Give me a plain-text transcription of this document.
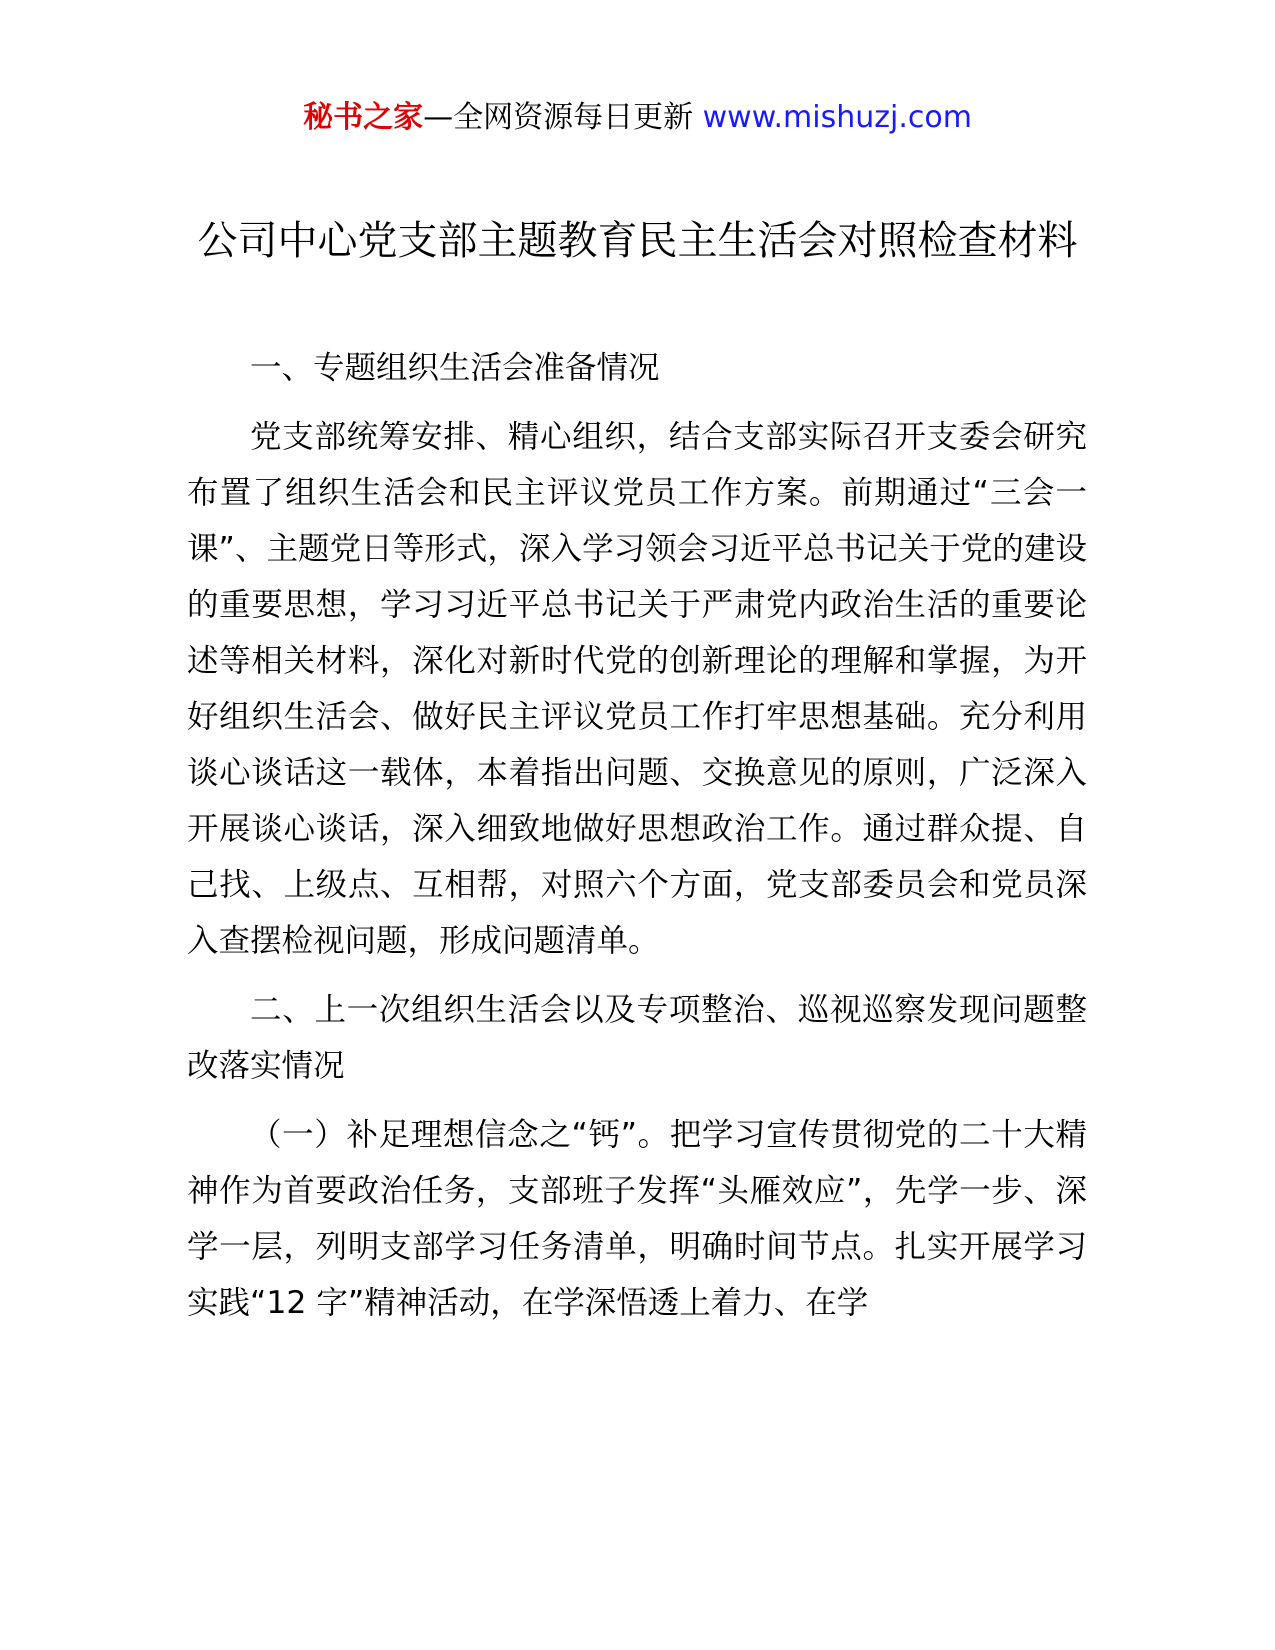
秘书之家—全网资源每日更新 www.mishuzj.com
公司中心党支部主题教育民主生活会对照检查材料

一、专题组织生活会准备情况

党支部统筹安排、精心组织，结合支部实际召开支委会研究布置了组织生活会和民主评议党员工作方案。前期通过“三会一课”、主题党日等形式，深入学习领会习近平总书记关于党的建设的重要思想，学习习近平总书记关于严肃党内政治生活的重要论述等相关材料，深化对新时代党的创新理论的理解和掌握，为开好组织生活会、做好民主评议党员工作打牢思想基础。充分利用谈心谈话这一载体，本着指出问题、交换意见的原则，广泛深入开展谈心谈话，深入细致地做好思想政治工作。通过群众提、自己找、上级点、互相帮，对照六个方面，党支部委员会和党员深入查摆检视问题，形成问题清单。

二、上一次组织生活会以及专项整治、巡视巡察发现问题整改落实情况

（一）补足理想信念之“钙”。把学习宣传贯彻党的二十大精神作为首要政治任务，支部班子发挥“头雁效应”，先学一步、深学一层，列明支部学习任务清单，明确时间节点。扎实开展学习实践“12 字”精神活动，在学深悟透上着力、在学
